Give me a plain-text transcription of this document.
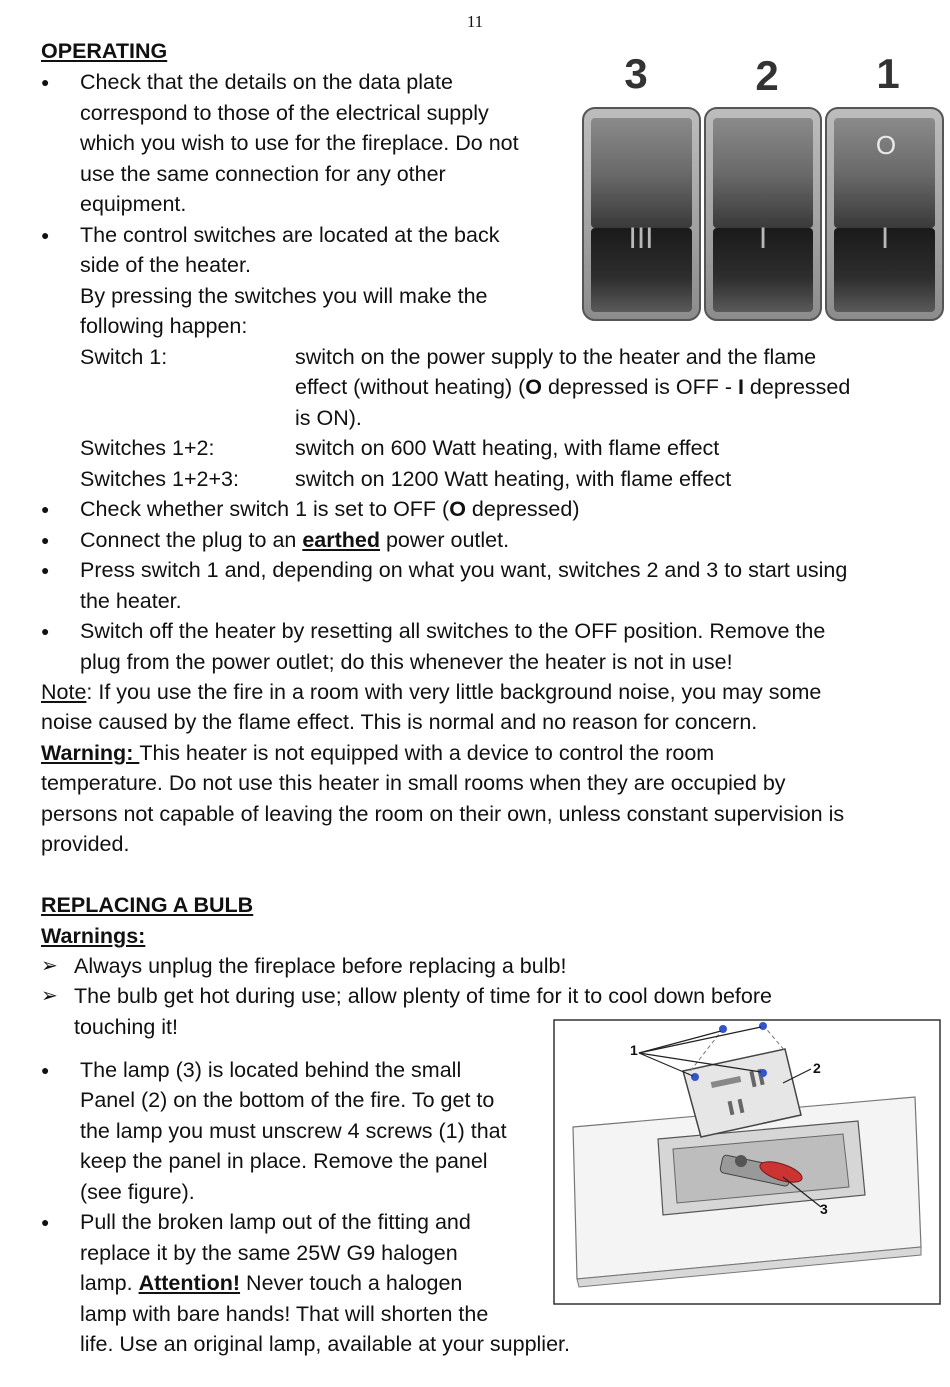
11
OPERATING
● Check that the details on the data plate
correspond to those of the electrical supply
which you wish to use for the fireplace. Do not
use the same connection for any other
equipment.
● The control switches are located at the back
side of the heater.
By pressing the switches you will make the
following happen:
Switch 1:	switch on the power supply to the heater and the flame
effect (without heating) (O depressed is OFF - I depressed
is ON).
Switches 1+2:	switch on 600 Watt heating, with flame effect
Switches 1+2+3:	switch on 1200 Watt heating, with flame effect
● Check whether switch 1 is set to OFF (O depressed)
● Connect the plug to an earthed power outlet.
● Press switch 1 and, depending on what you want, switches 2 and 3 to start using
the heater.
● Switch off the heater by resetting all switches to the OFF position. Remove the
plug from the power outlet; do this whenever the heater is not in use!
Note: If you use the fire in a room with very little background noise, you may some
noise caused by the flame effect. This is normal and no reason for concern.
Warning: This heater is not equipped with a device to control the room
temperature. Do not use this heater in small rooms when they are occupied by
persons not capable of leaving the room on their own, unless constant supervision is
provided.
3	2 1
III	I
O
I
REPLACING A BULB
Warnings:
➢ Always unplug the fireplace before replacing a bulb!
➢ The bulb get hot during use; allow plenty of time for it to cool down before
touching it!
● The lamp (3) is located behind the small
Panel (2) on the bottom of the fire. To get to
the lamp you must unscrew 4 screws (1) that
keep the panel in place. Remove the panel
(see figure).
● Pull the broken lamp out of the fitting and
replace it by the same 25W G9 halogen
lamp. Attention! Never touch a halogen
lamp with bare hands! That will shorten the
life. Use an original lamp, available at your supplier.
1
2
3
